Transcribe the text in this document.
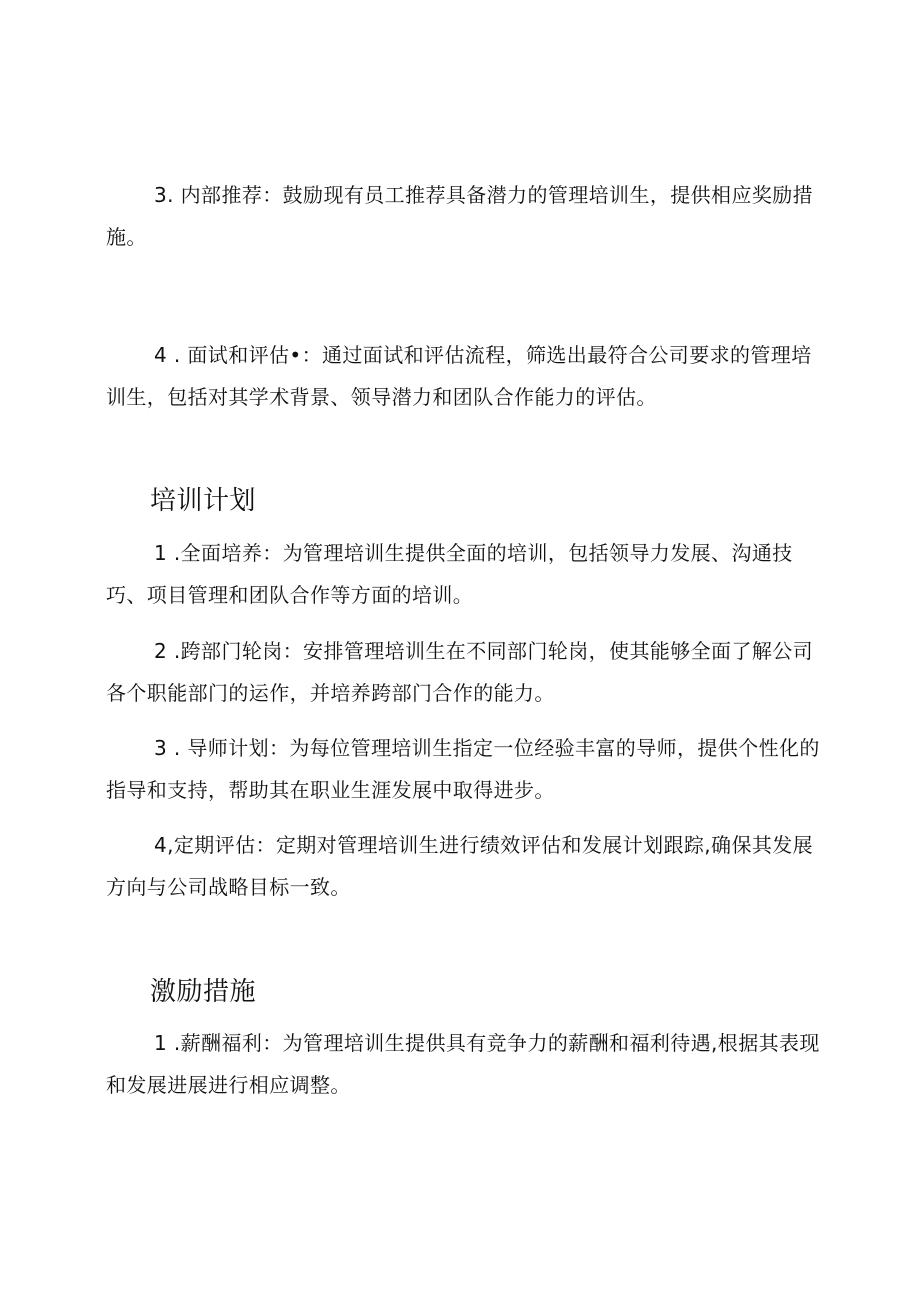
3. 内部推荐：鼓励现有员工推荐具备潜力的管理培训生，提供相应奖励措施。

4 . 面试和评估•：通过面试和评估流程，筛选出最符合公司要求的管理培训生，包括对其学术背景、领导潜力和团队合作能力的评估。

培训计划

1 .全面培养：为管理培训生提供全面的培训，包括领导力发展、沟通技巧、项目管理和团队合作等方面的培训。

2 .跨部门轮岗：安排管理培训生在不同部门轮岗，使其能够全面了解公司各个职能部门的运作，并培养跨部门合作的能力。

3 . 导师计划：为每位管理培训生指定一位经验丰富的导师，提供个性化的指导和支持，帮助其在职业生涯发展中取得进步。

4,定期评估：定期对管理培训生进行绩效评估和发展计划跟踪,确保其发展方向与公司战略目标一致。

激励措施

1 .薪酬福利：为管理培训生提供具有竞争力的薪酬和福利待遇,根据其表现和发展进展进行相应调整。
